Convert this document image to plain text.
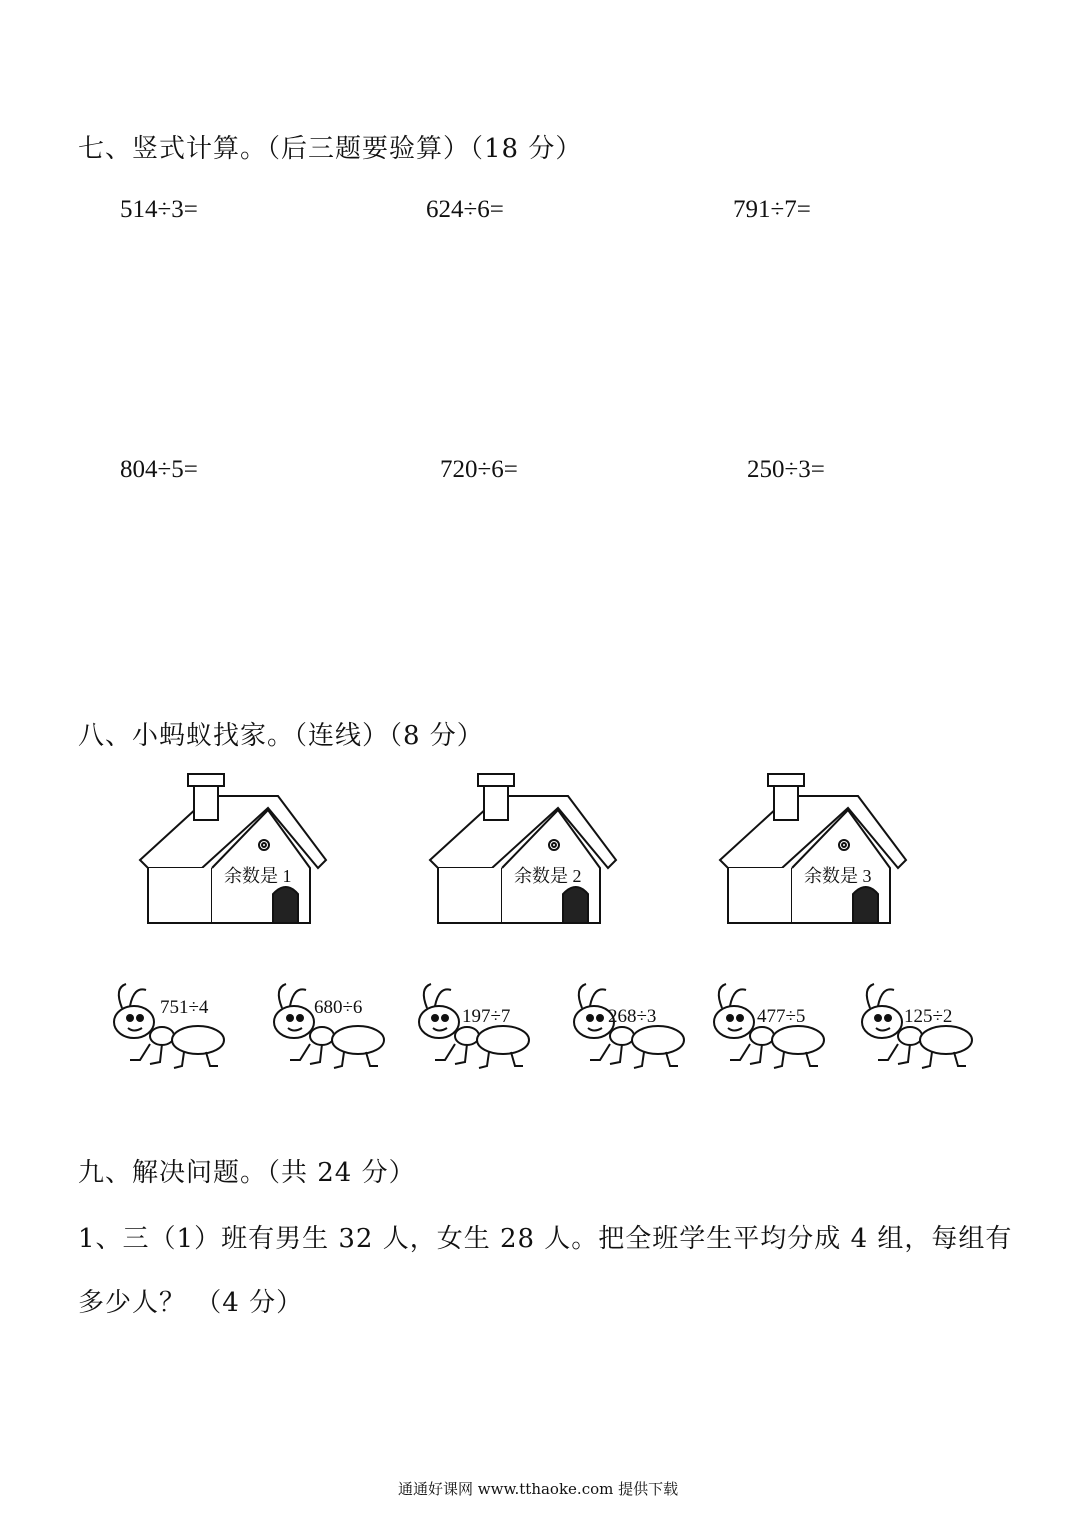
七、竖式计算。（后三题要验算）（18 分）
514÷3=	624÷6=	791÷7=
804÷5=	720÷6=	250÷3=
八、小蚂蚁找家。（连线）（8 分）
余数是 1	余数是 2	余数是 3
751÷4	680÷6	197÷7	268÷3	477÷5	125÷2
九、解决问题。（共 24 分）
1、三（1）班有男生 32 人，女生 28 人。把全班学生平均分成 4 组，每组有
多少人？ （4 分）
通通好课网 www.tthaoke.com 提供下载
